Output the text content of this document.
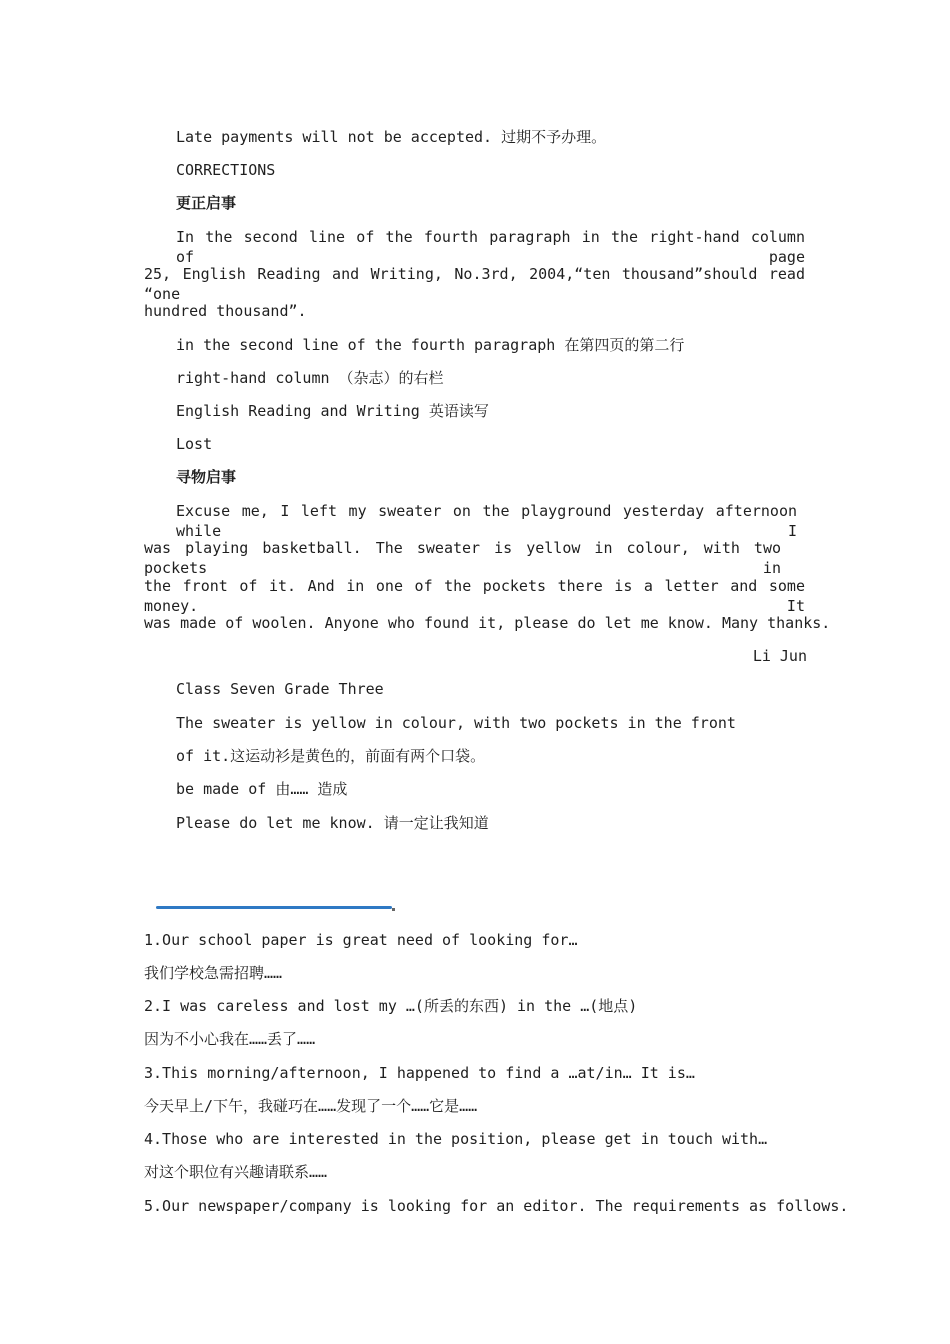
Late payments will not be accepted. 过期不予办理。
CORRECTIONS
更正启事
In the second line of the fourth paragraph in the right-hand column of page
25, English Reading and Writing, No.3rd, 2004,“ten thousand”should read “one
hundred thousand”.
in the second line of the fourth paragraph 在第四页的第二行
right-hand column （杂志）的右栏
English Reading and Writing 英语读写
Lost
寻物启事
Excuse me, I left my sweater on the playground yesterday afternoon while I
was playing basketball. The sweater is yellow in colour, with two pockets in
the front of it. And in one of the pockets there is a letter and some money. It
was made of woolen. Anyone who found it, please do let me know. Many thanks.
Li Jun
Class Seven Grade Three
The sweater is yellow in colour, with two pockets in the front
of it.这运动衫是黄色的，前面有两个口袋。
be made of 由…… 造成
Please do let me know. 请一定让我知道
1.Our school paper is great need of looking for…
我们学校急需招聘……
2.I was careless and lost my …(所丢的东西) in the …(地点)
因为不小心我在……丢了……
3.This morning/afternoon, I happened to find a …at/in… It is…
今天早上/下午，我碰巧在……发现了一个……它是……
4.Those who are interested in the position, please get in touch with…
对这个职位有兴趣请联系……
5.Our newspaper/company is looking for an editor. The requirements as follows.
